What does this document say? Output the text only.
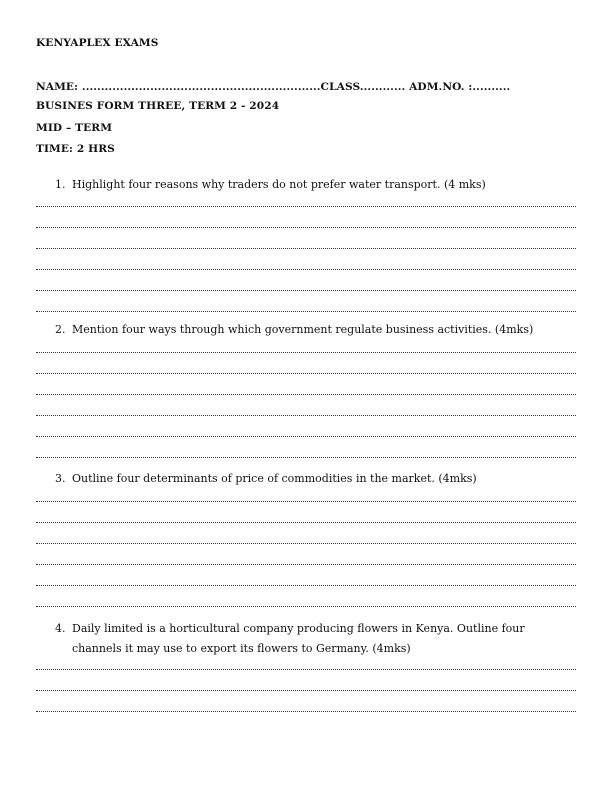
KENYAPLEX EXAMS
NAME: ...............................................................CLASS............ ADM.NO. :..........
BUSINES FORM THREE, TERM 2 - 2024
MID – TERM
TIME: 2 HRS
1. Highlight four reasons why traders do not prefer water transport. (4 mks)
2. Mention four ways through which government regulate business activities. (4mks)
3. Outline four determinants of price of commodities in the market. (4mks)
4. Daily limited is a horticultural company producing flowers in Kenya. Outline four channels it may use to export its flowers to Germany. (4mks)
